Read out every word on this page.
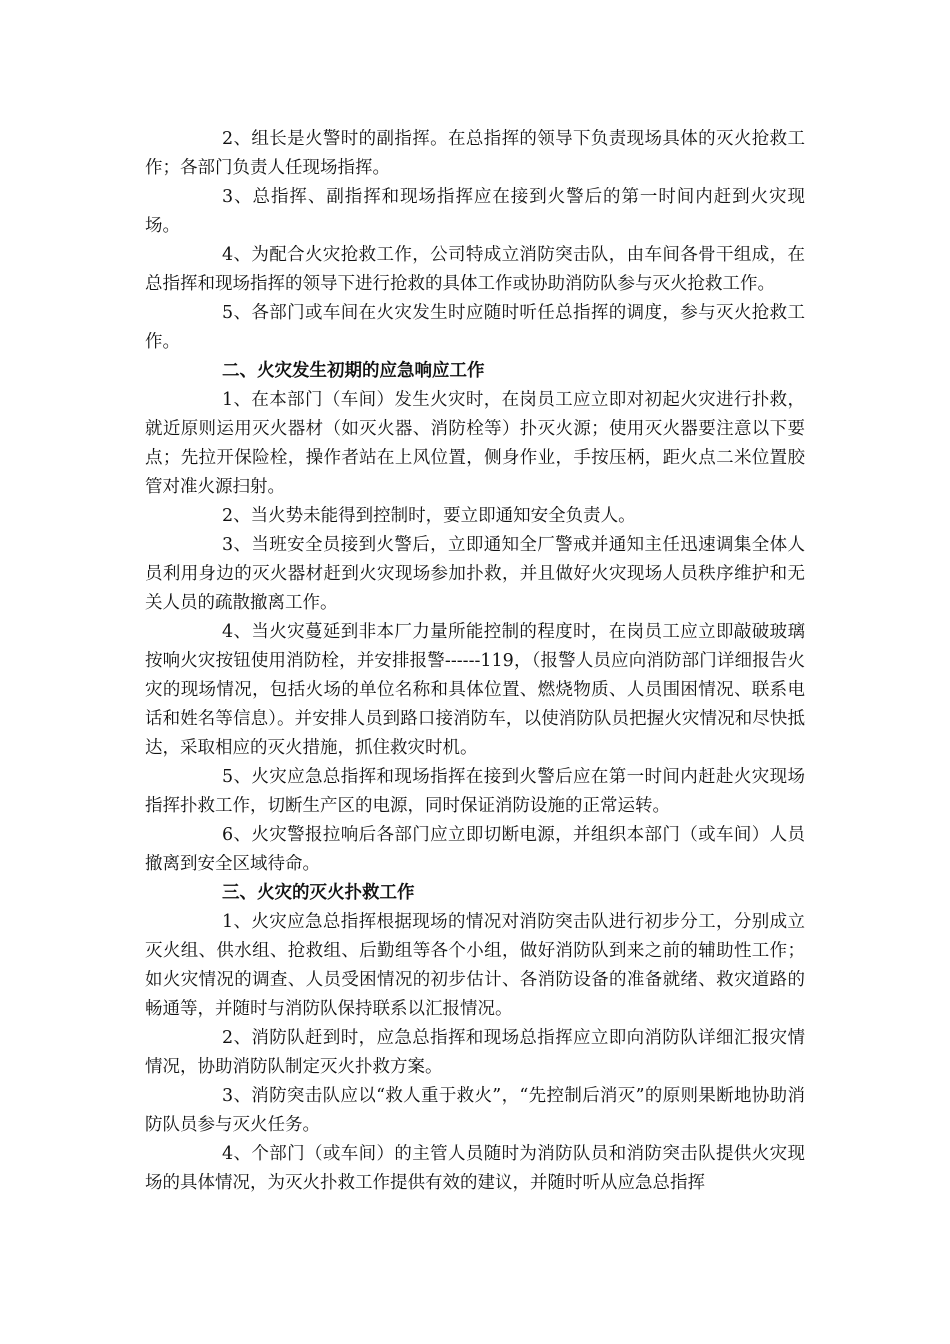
2、组长是火警时的副指挥。在总指挥的领导下负责现场具体的灭火抢救工作；各部门负责人任现场指挥。

3、总指挥、副指挥和现场指挥应在接到火警后的第一时间内赶到火灾现场。

4、为配合火灾抢救工作，公司特成立消防突击队，由车间各骨干组成，在总指挥和现场指挥的领导下进行抢救的具体工作或协助消防队参与灭火抢救工作。

5、各部门或车间在火灾发生时应随时听任总指挥的调度，参与灭火抢救工作。

二、火灾发生初期的应急响应工作

1、在本部门（车间）发生火灾时，在岗员工应立即对初起火灾进行扑救，就近原则运用灭火器材（如灭火器、消防栓等）扑灭火源；使用灭火器要注意以下要点；先拉开保险栓，操作者站在上风位置，侧身作业，手按压柄，距火点二米位置胶管对准火源扫射。

2、当火势未能得到控制时，要立即通知安全负责人。

3、当班安全员接到火警后，立即通知全厂警戒并通知主任迅速调集全体人员利用身边的灭火器材赶到火灾现场参加扑救，并且做好火灾现场人员秩序维护和无关人员的疏散撤离工作。

4、当火灾蔓延到非本厂力量所能控制的程度时，在岗员工应立即敲破玻璃按响火灾按钮使用消防栓，并安排报警------119，（报警人员应向消防部门详细报告火灾的现场情况，包括火场的单位名称和具体位置、燃烧物质、人员围困情况、联系电话和姓名等信息）。并安排人员到路口接消防车，以使消防队员把握火灾情况和尽快抵达，采取相应的灭火措施，抓住救灾时机。

5、火灾应急总指挥和现场指挥在接到火警后应在第一时间内赶赴火灾现场指挥扑救工作，切断生产区的电源，同时保证消防设施的正常运转。

6、火灾警报拉响后各部门应立即切断电源，并组织本部门（或车间）人员撤离到安全区域待命。

三、火灾的灭火扑救工作

1、火灾应急总指挥根据现场的情况对消防突击队进行初步分工，分别成立灭火组、供水组、抢救组、后勤组等各个小组，做好消防队到来之前的辅助性工作；如火灾情况的调查、人员受困情况的初步估计、各消防设备的准备就绪、救灾道路的畅通等，并随时与消防队保持联系以汇报情况。

2、消防队赶到时，应急总指挥和现场总指挥应立即向消防队详细汇报灾情情况，协助消防队制定灭火扑救方案。

3、消防突击队应以“救人重于救火”，“先控制后消灭”的原则果断地协助消防队员参与灭火任务。

4、个部门（或车间）的主管人员随时为消防队员和消防突击队提供火灾现场的具体情况，为灭火扑救工作提供有效的建议，并随时听从应急总指挥
